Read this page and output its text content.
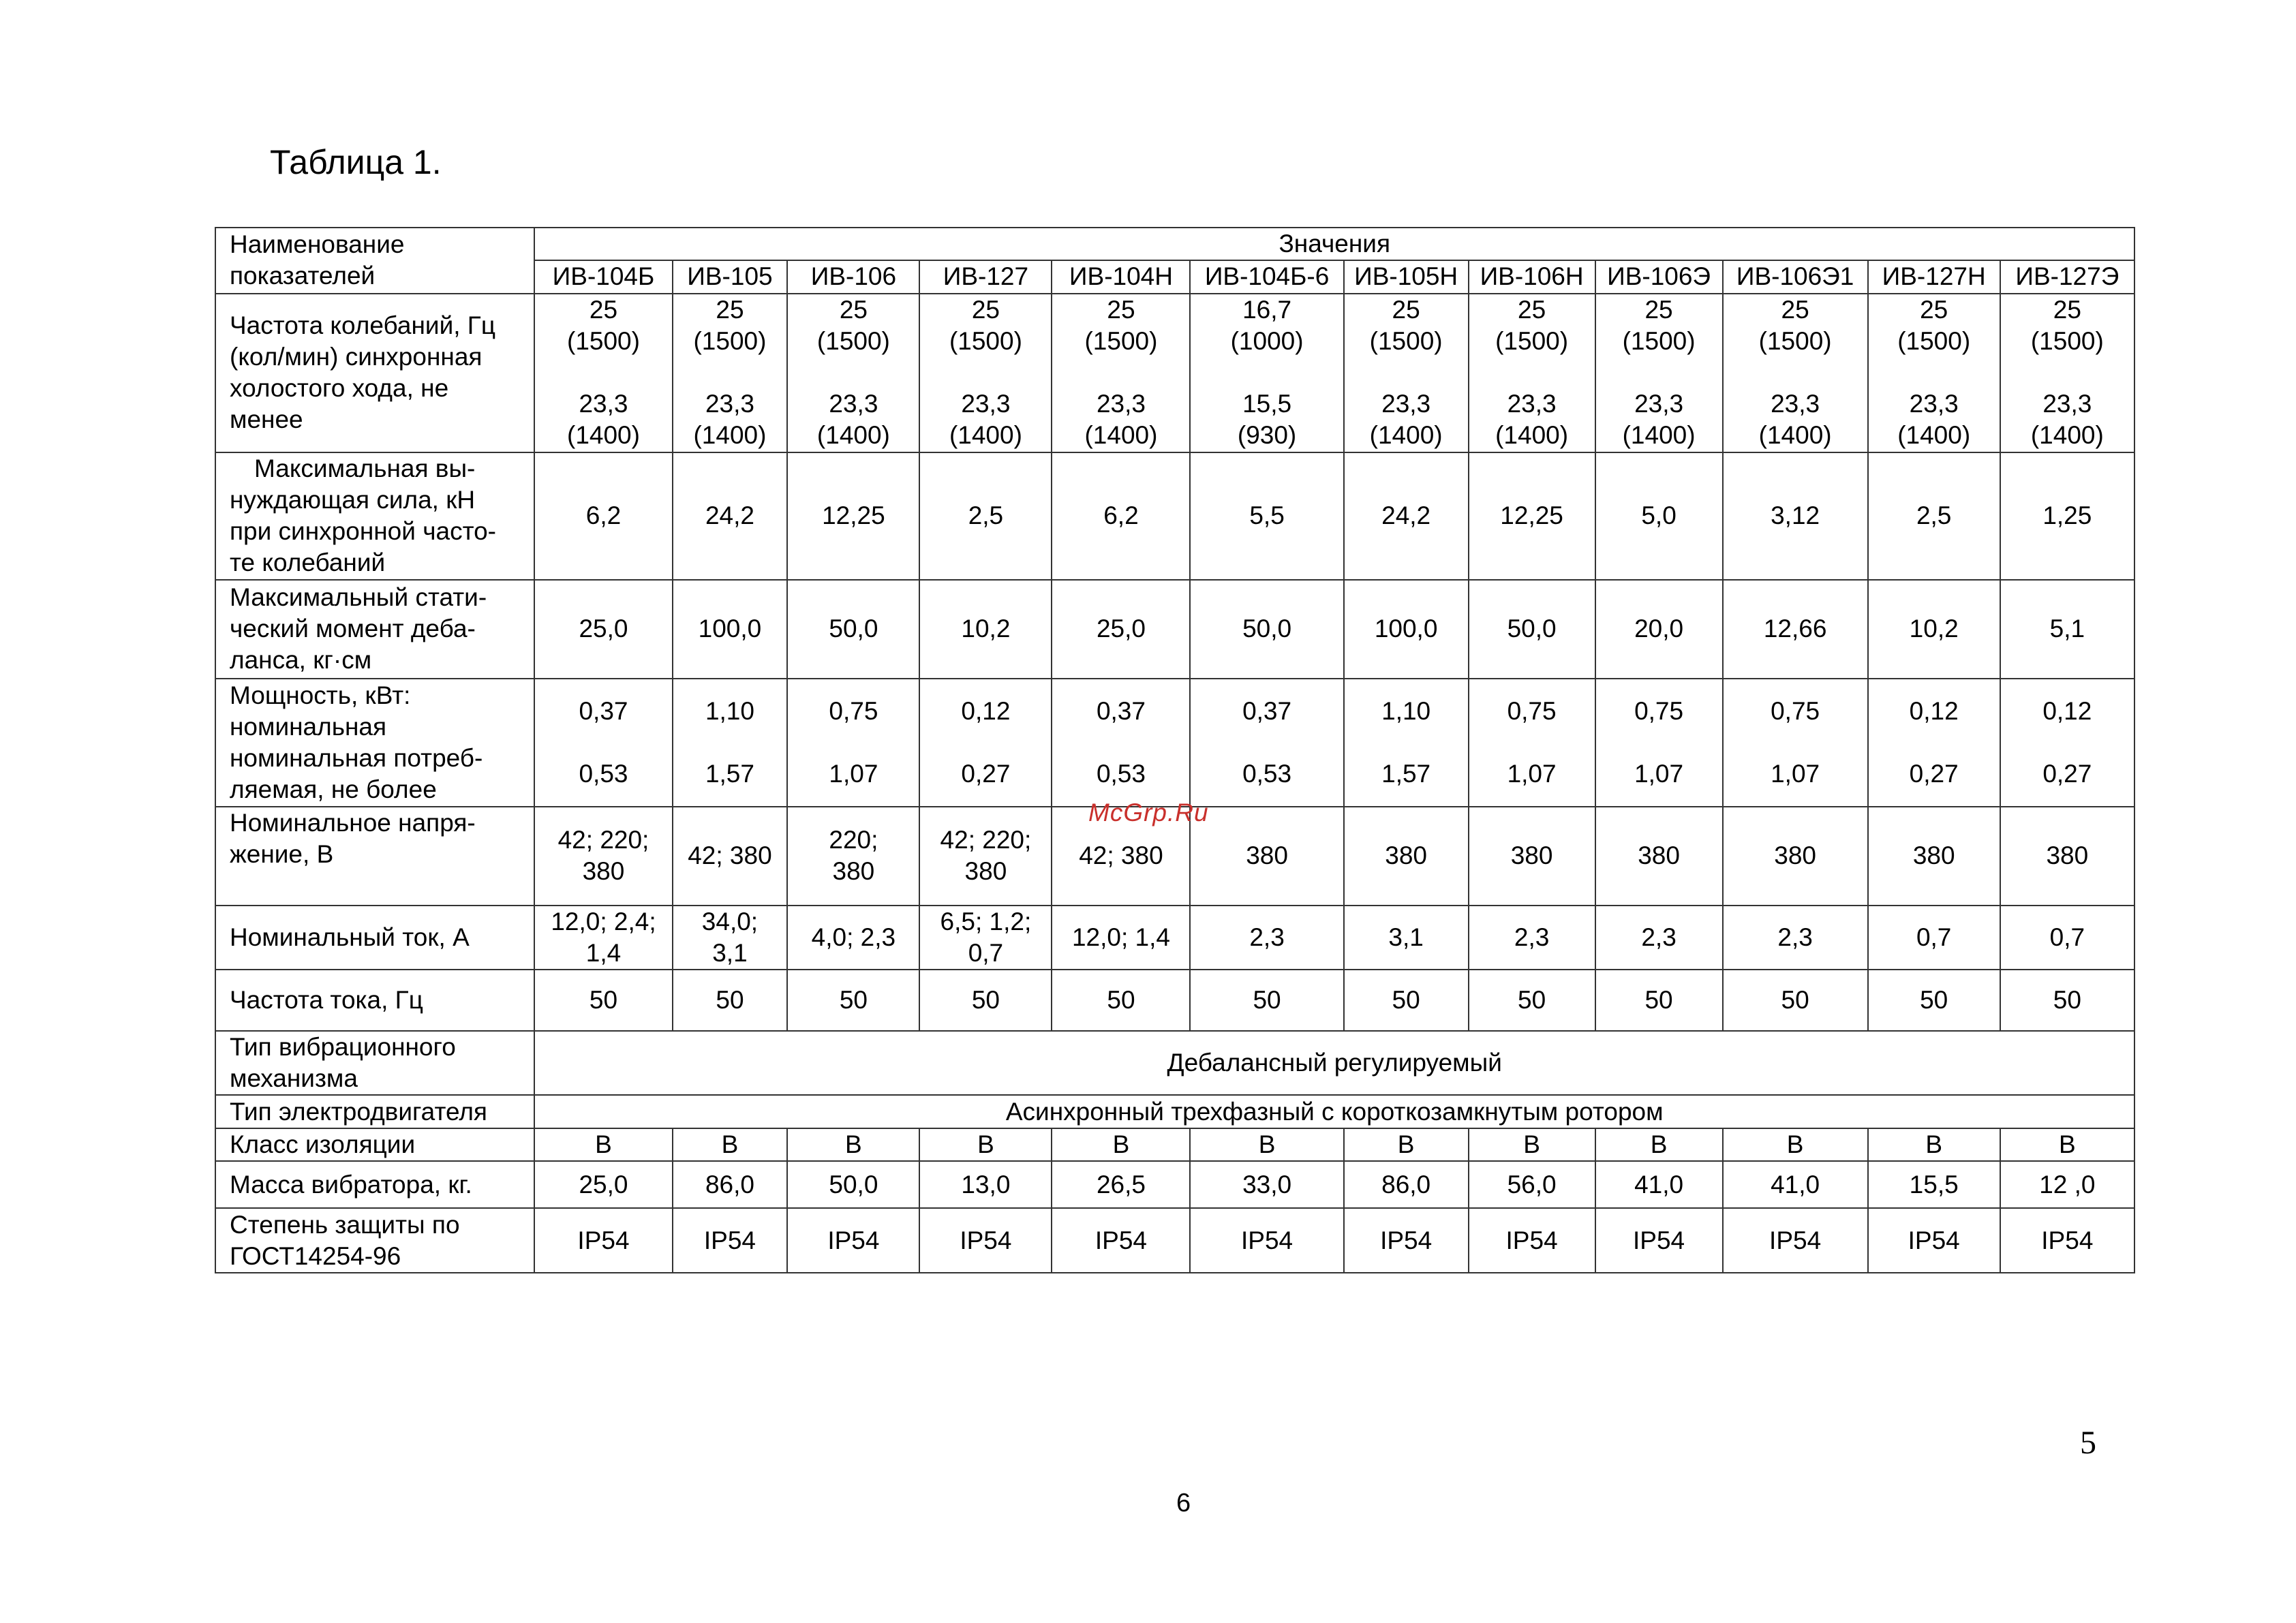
Таблица 1.
Наименование
показателей	Значения											
	ИВ-104Б	ИВ-105	ИВ-106	ИВ-127	ИВ-104Н	ИВ-104Б-6	ИВ-105Н	ИВ-106Н	ИВ-106Э	ИВ-106Э1	ИВ-127Н	ИВ-127Э

Частота колебаний, Гц
(кол/мин) синхронная
холостого хода, не
менее	25
(1500)
23,3
(1400)	25
(1500)
23,3
(1400)	25
(1500)
23,3
(1400)	25
(1500)
23,3
(1400)	25
(1500)
23,3
(1400)	16,7
(1000)
15,5
(930)	25
(1500)
23,3
(1400)	25
(1500)
23,3
(1400)	25
(1500)
23,3
(1400)	25
(1500)
23,3
(1400)	25
(1500)
23,3
(1400)	25
(1500)
23,3
(1400)

Максимальная вы-
нуждающая сила, кН
при синхронной часто-
те колебаний	6,2	24,2	12,25	2,5	6,2	5,5	24,2	12,25	5,0	3,12	2,5	1,25

Максимальный стати-
ческий момент деба-
ланса, кг·см	25,0	100,0	50,0	10,2	25,0	50,0	100,0	50,0	20,0	12,66	10,2	5,1

Мощность, кВт:
номинальная
номинальная потреб-
ляемая, не более	0,37
0,53	1,10
1,57	0,75
1,07	0,12
0,27	0,37
0,53	0,37
0,53	1,10
1,57	0,75
1,07	0,75
1,07	0,75
1,07	0,12
0,27	0,12
0,27

Номинальное напря-
жение, В	42; 220;
380	42; 380	220;
380	42; 220;
380	42; 380	380	380	380	380	380	380	380

Номинальный ток, А	12,0; 2,4;
1,4	34,0;
3,1	4,0; 2,3	6,5; 1,2;
0,7	12,0; 1,4	2,3	3,1	2,3	2,3	2,3	0,7	0,7

Частота тока, Гц	50	50	50	50	50	50	50	50	50	50	50	50

Тип вибрационного
механизма	Дебалансный регулируемый											

Тип электродвигателя	Асинхронный трехфазный с короткозамкнутым ротором											

Класс изоляции	В	В	В	В	В	В	В	В	В	В	В	В

Масса вибратора, кг.	25,0	86,0	50,0	13,0	26,5	33,0	86,0	56,0	41,0	41,0	15,5	12 ,0

Степень защиты по
ГОСТ14254-96	IP54	IP54	IP54	IP54	IP54	IP54	IP54	IP54	IP54	IP54	IP54	IP54
McGrp.Ru
5
6
